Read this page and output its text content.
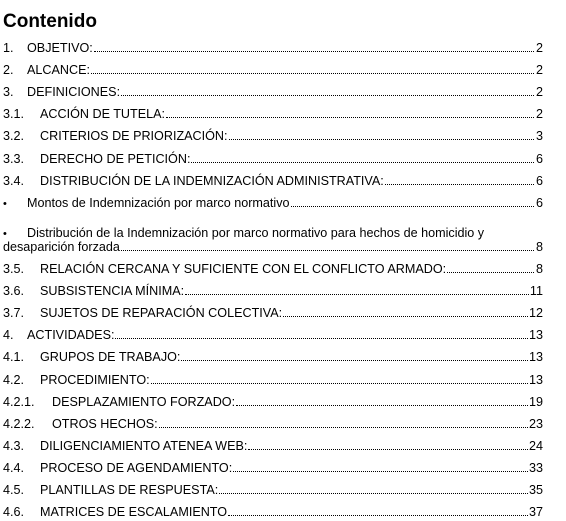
Contenido
1.	OBJETIVO:	2
2.	ALCANCE:	2
3.	DEFINICIONES:	2
3.1.	ACCIÓN DE TUTELA:	2
3.2.	CRITERIOS DE PRIORIZACIÓN:	3
3.3.	DERECHO DE PETICIÓN:	6
3.4.	DISTRIBUCIÓN DE LA INDEMNIZACIÓN ADMINISTRATIVA:	6
•	Montos de Indemnización por marco normativo	6
•	Distribución de la Indemnización por marco normativo para hechos de homicidio y
desaparición forzada	8
3.5.	RELACIÓN CERCANA Y SUFICIENTE CON EL CONFLICTO ARMADO:	8
3.6.	SUBSISTENCIA MÍNIMA:	11
3.7.	SUJETOS DE REPARACIÓN COLECTIVA:	12
4.	ACTIVIDADES:	13
4.1.	GRUPOS DE TRABAJO:	13
4.2.	PROCEDIMIENTO:	13
4.2.1.	DESPLAZAMIENTO FORZADO:	19
4.2.2.	OTROS HECHOS:	23
4.3.	DILIGENCIAMIENTO ATENEA WEB:	24
4.4.	PROCESO DE AGENDAMIENTO:	33
4.5.	PLANTILLAS DE RESPUESTA:	35
4.6.	MATRICES DE ESCALAMIENTO	37
